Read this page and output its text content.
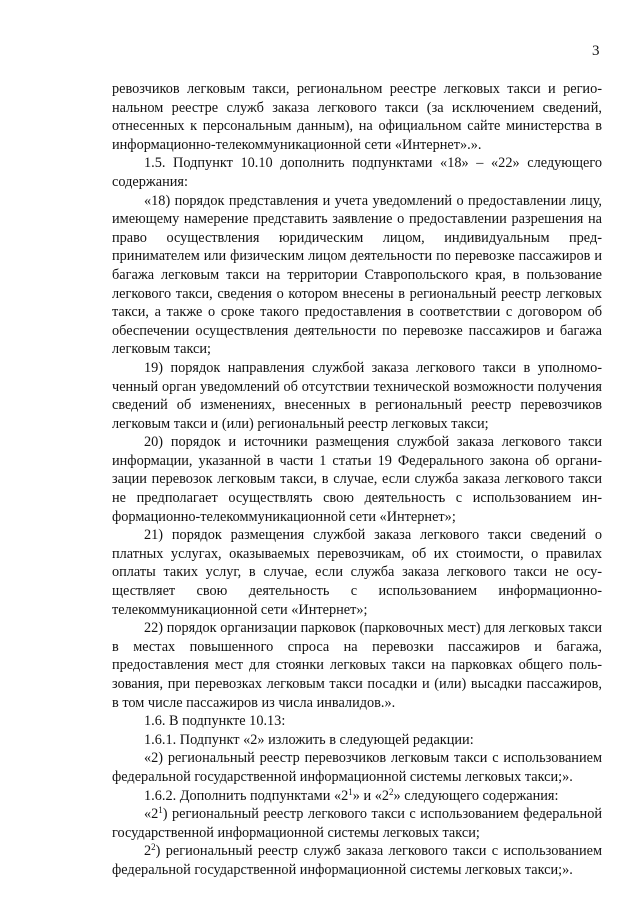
3

ревозчиков легковым такси, региональном реестре легковых такси и региональном реестре служб заказа легкового такси (за исключением сведений, отнесенных к персональным данным), на официальном сайте министерства в информационно-телекоммуникационной сети «Интернет».».

1.5. Подпункт 10.10 дополнить подпунктами «18» – «22» следующего содержания:

«18) порядок представления и учета уведомлений о предоставлении лицу, имеющему намерение представить заявление о предоставлении разрешения на право осуществления юридическим лицом, индивидуальным предпринимателем или физическим лицом деятельности по перевозке пассажиров и багажа легковым такси на территории Ставропольского края, в пользование легкового такси, сведения о котором внесены в региональный реестр легковых такси, а также о сроке такого предоставления в соответствии с договором об обеспечении осуществления деятельности по перевозке пассажиров и багажа легковым такси;

19) порядок направления службой заказа легкового такси в уполномоченный орган уведомлений об отсутствии технической возможности получения сведений об изменениях, внесенных в региональный реестр перевозчиков легковым такси и (или) региональный реестр легковых такси;

20) порядок и источники размещения службой заказа легкового такси информации, указанной в части 1 статьи 19 Федерального закона об организации перевозок легковым такси, в случае, если служба заказа легкового такси не предполагает осуществлять свою деятельность с использованием информационно-телекоммуникационной сети «Интернет»;

21) порядок размещения службой заказа легкового такси сведений о платных услугах, оказываемых перевозчикам, об их стоимости, о правилах оплаты таких услуг, в случае, если служба заказа легкового такси не осуществляет свою деятельность с использованием информационно-телекоммуникационной сети «Интернет»;

22) порядок организации парковок (парковочных мест) для легковых такси в местах повышенного спроса на перевозки пассажиров и багажа, предоставления мест для стоянки легковых такси на парковках общего пользования, при перевозках легковым такси посадки и (или) высадки пассажиров, в том числе пассажиров из числа инвалидов.».

1.6. В подпункте 10.13:

1.6.1. Подпункт «2» изложить в следующей редакции:

«2) региональный реестр перевозчиков легковым такси с использованием федеральной государственной информационной системы легковых такси;».

1.6.2. Дополнить подпунктами «$2^1$» и «$2^2$» следующего содержания:

«$2^1$) региональный реестр легкового такси с использованием федеральной государственной информационной системы легковых такси;

$2^2$) региональный реестр служб заказа легкового такси с использованием федеральной государственной информационной системы легковых такси;».
